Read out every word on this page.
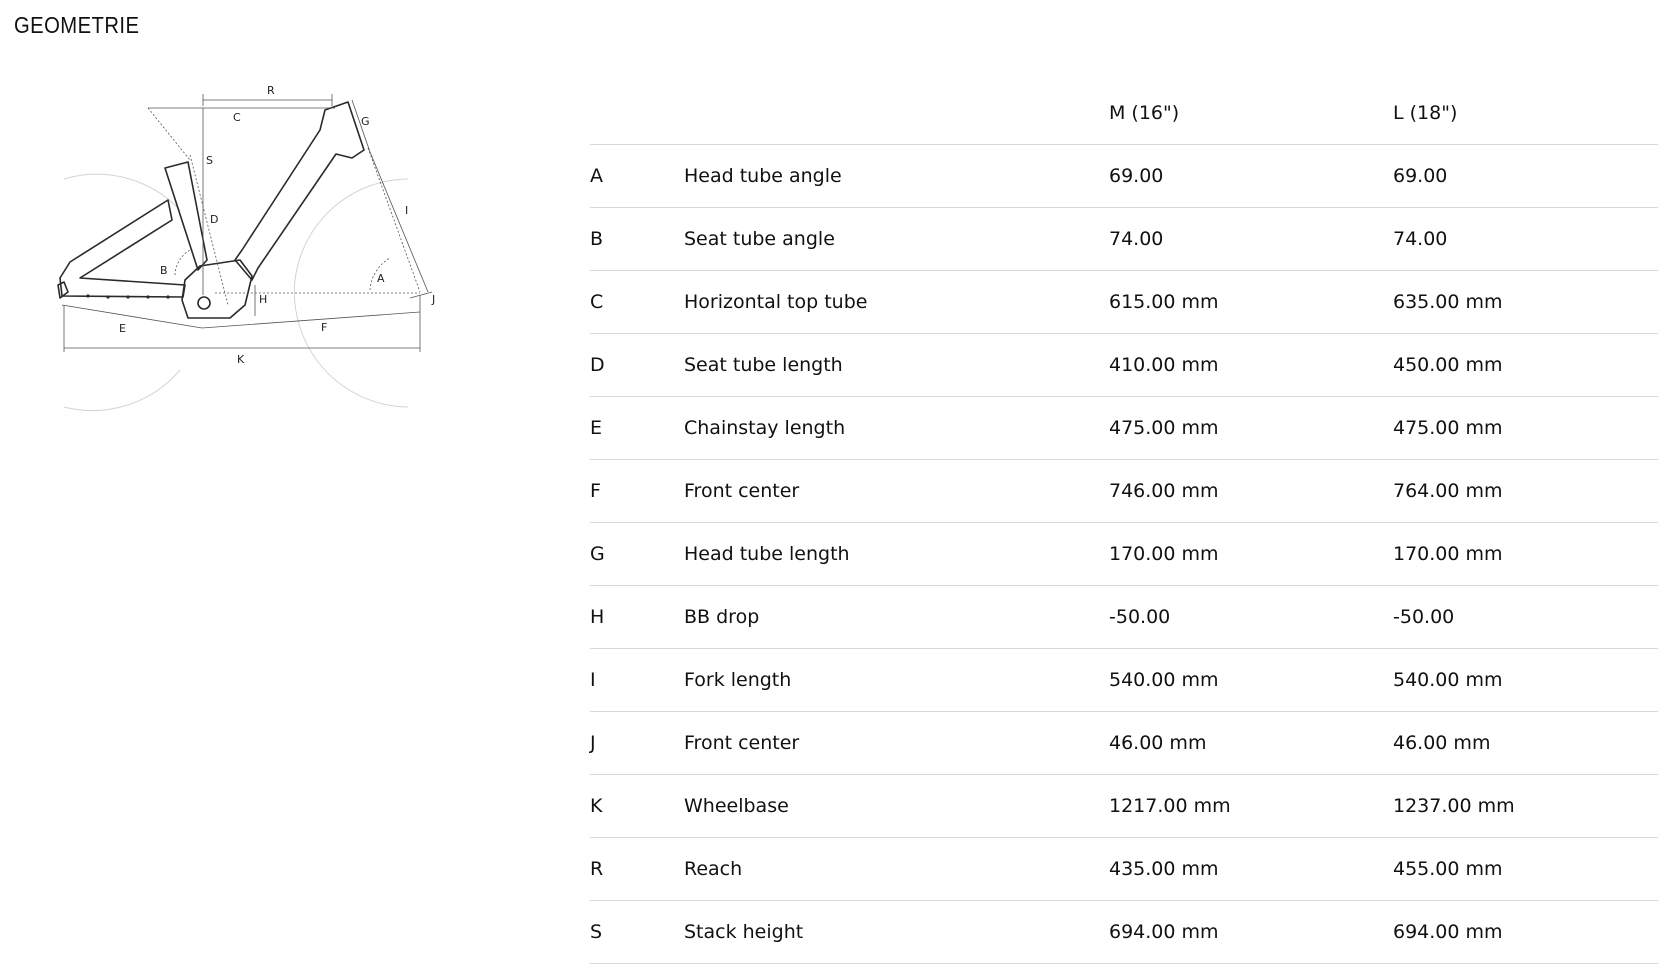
GEOMETRIE
R
C	G
S
I
D
B
A
H	J
E	F
K
M (16")	L (18")
A	Head tube angle	69.00	69.00
B	Seat tube angle	74.00	74.00
C	Horizontal top tube	615.00 mm	635.00 mm
D	Seat tube length	410.00 mm	450.00 mm
E	Chainstay length	475.00 mm	475.00 mm
F	Front center	746.00 mm	764.00 mm
G	Head tube length	170.00 mm	170.00 mm
H	BB drop	-50.00	-50.00
I	Fork length	540.00 mm	540.00 mm
J	Front center	46.00 mm	46.00 mm
K	Wheelbase	1217.00 mm	1237.00 mm
R	Reach	435.00 mm	455.00 mm
S	Stack height	694.00 mm	694.00 mm
